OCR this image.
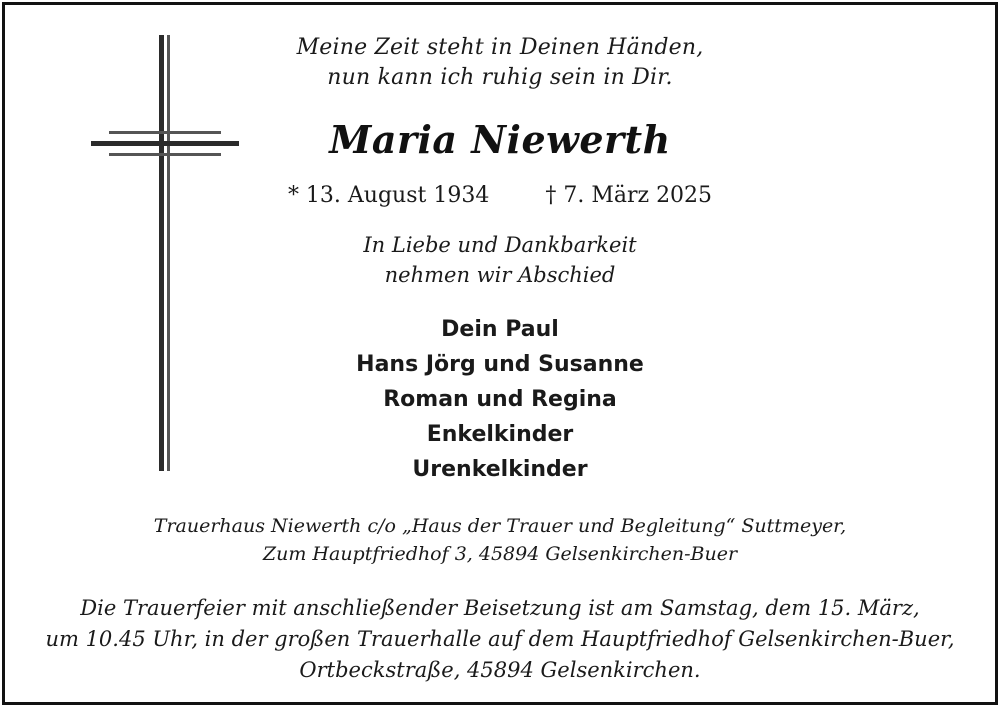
Meine Zeit steht in Deinen Händen,
nun kann ich ruhig sein in Dir.
Maria Niewerth
* 13. August 1934	† 7. März 2025
In Liebe und Dankbarkeit
nehmen wir Abschied
Dein Paul
Hans Jörg und Susanne
Roman und Regina
Enkelkinder
Urenkelkinder
Trauerhaus Niewerth c/o „Haus der Trauer und Begleitung“ Suttmeyer,
Zum Hauptfriedhof 3, 45894 Gelsenkirchen-Buer
Die Trauerfeier mit anschließender Beisetzung ist am Samstag, dem 15. März,
um 10.45 Uhr, in der großen Trauerhalle auf dem Hauptfriedhof Gelsenkirchen-Buer,
Ortbeckstraße, 45894 Gelsenkirchen.
